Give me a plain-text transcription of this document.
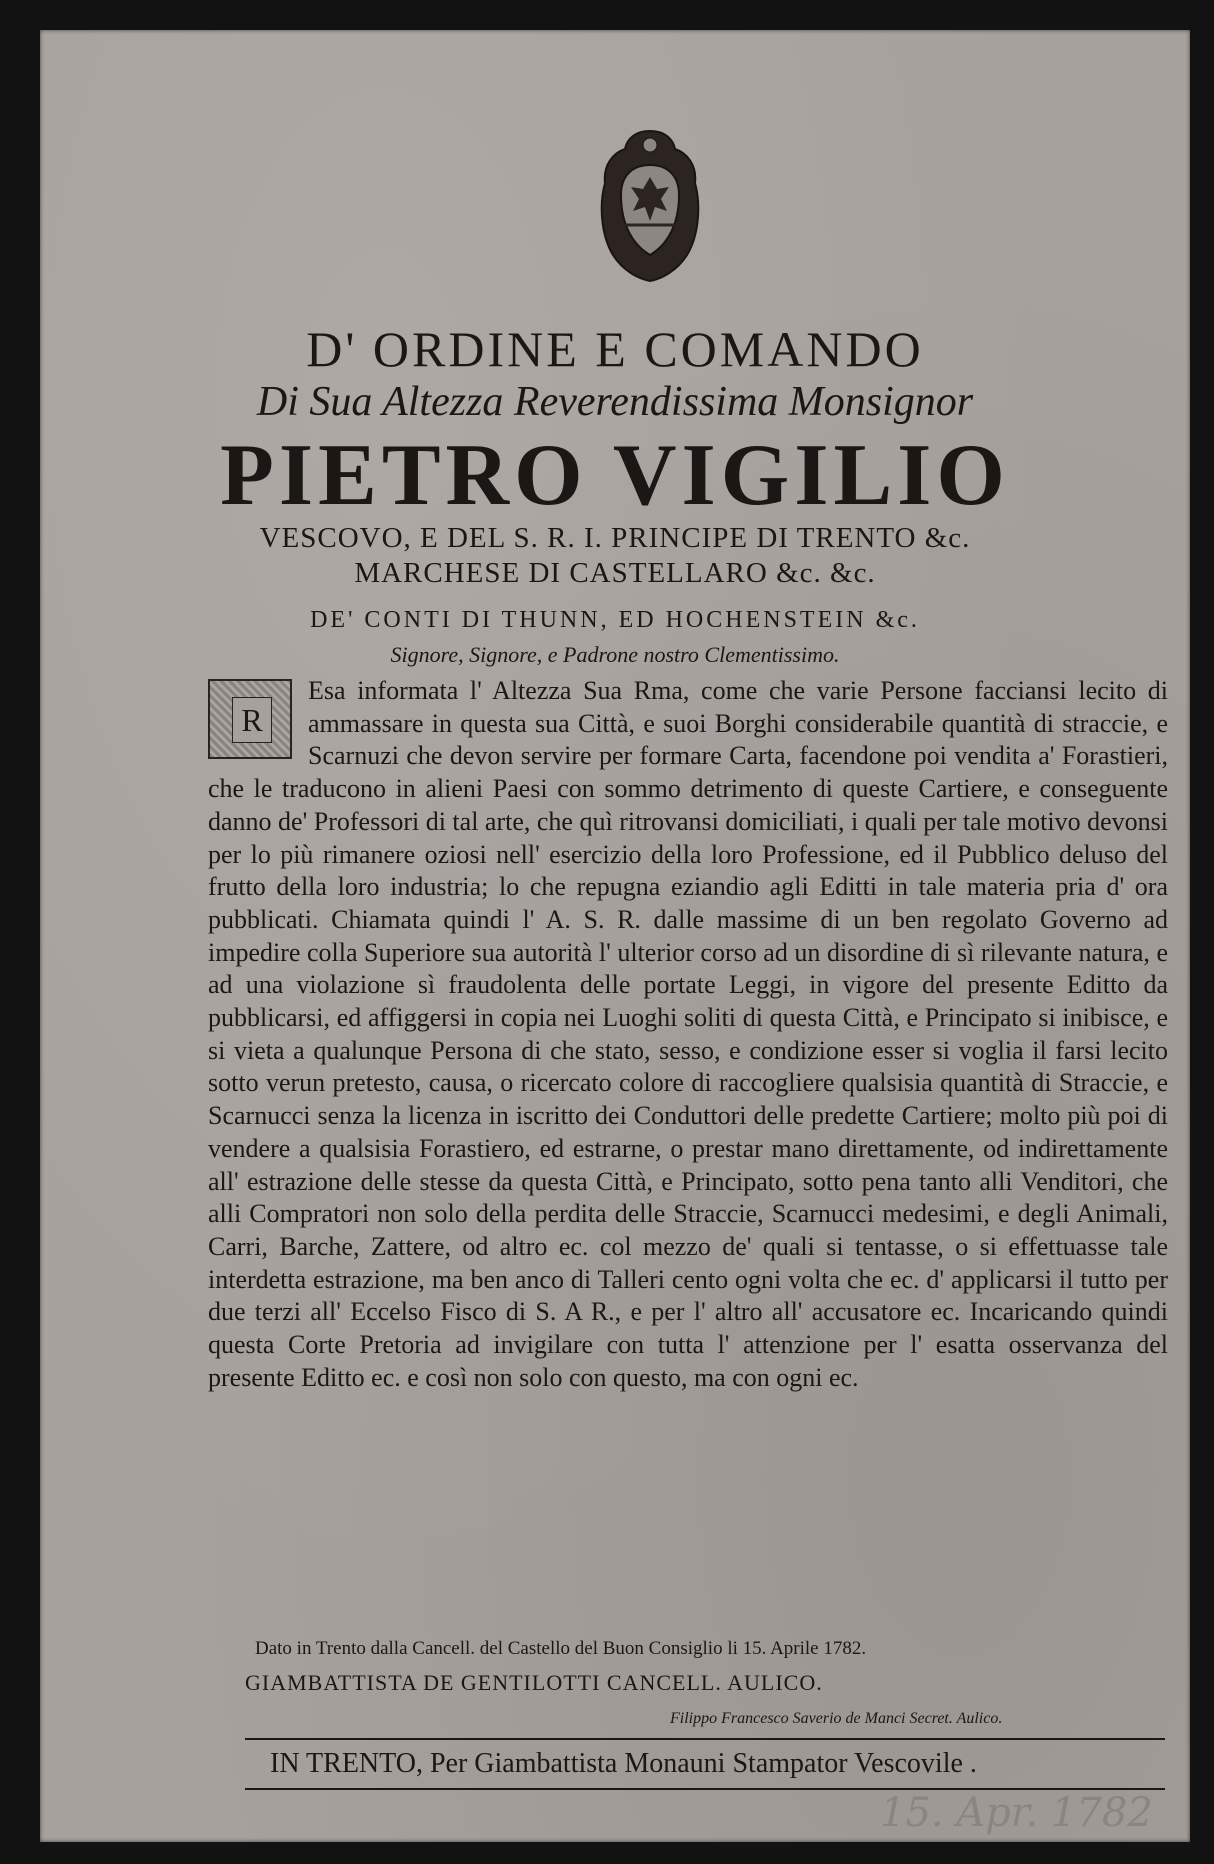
D' ORDINE E COMANDO
Di Sua Altezza Reverendissima Monsignor
PIETRO VIGILIO
VESCOVO, E DEL S. R. I. PRINCIPE DI TRENTO &c.
MARCHESE DI CASTELLARO &c. &c.
DE' CONTI DI THUNN, ED HOCHENSTEIN &c.
Signore, Signore, e Padrone nostro Clementissimo.
R
Esa informata l' Altezza Sua Rma, come che varie Persone facciansi lecito di ammassare in questa sua Città, e suoi Borghi considerabile quantità di straccie, e Scarnuzi che devon servire per formare Carta, facendone poi vendita a' Forastieri, che le traducono in alieni Paesi con sommo detrimento di queste Cartiere, e conseguente danno de' Professori di tal arte, che quì ritrovansi domiciliati, i quali per tale motivo devonsi per lo più rimanere oziosi nell' esercizio della loro Professione, ed il Pubblico deluso del frutto della loro industria; lo che repugna eziandio agli Editti in tale materia pria d' ora pubblicati. Chiamata quindi l' A. S. R. dalle massime di un ben regolato Governo ad impedire colla Superiore sua autorità l' ulterior corso ad un disordine di sì rilevante natura, e ad una violazione sì fraudolenta delle portate Leggi, in vigore del presente Editto da pubblicarsi, ed affiggersi in copia nei Luoghi soliti di questa Città, e Principato si inibisce, e si vieta a qualunque Persona di che stato, sesso, e condizione esser si voglia il farsi lecito sotto verun pretesto, causa, o ricercato colore di raccogliere qualsisia quantità di Straccie, e Scarnucci senza la licenza in iscritto dei Conduttori delle predette Cartiere; molto più poi di vendere a qualsisia Forastiero, ed estrarne, o prestar mano direttamente, od indirettamente all' estrazione delle stesse da questa Città, e Principato, sotto pena tanto alli Venditori, che alli Compratori non solo della perdita delle Straccie, Scarnucci medesimi, e degli Animali, Carri, Barche, Zattere, od altro ec. col mezzo de' quali si tentasse, o si effettuasse tale interdetta estrazione, ma ben anco di Talleri cento ogni volta che ec. d' applicarsi il tutto per due terzi all' Eccelso Fisco di S. A R., e per l' altro all' accusatore ec. Incaricando quindi questa Corte Pretoria ad invigilare con tutta l' attenzione per l' esatta osservanza del presente Editto ec. e così non solo con questo, ma con ogni ec.
Dato in Trento dalla Cancell. del Castello del Buon Consiglio li 15. Aprile 1782.
GIAMBATTISTA DE GENTILOTTI CANCELL. AULICO.
Filippo Francesco Saverio de Manci Secret. Aulico.
IN TRENTO, Per Giambattista Monauni Stampator Vescovile .
15. Apr. 1782
